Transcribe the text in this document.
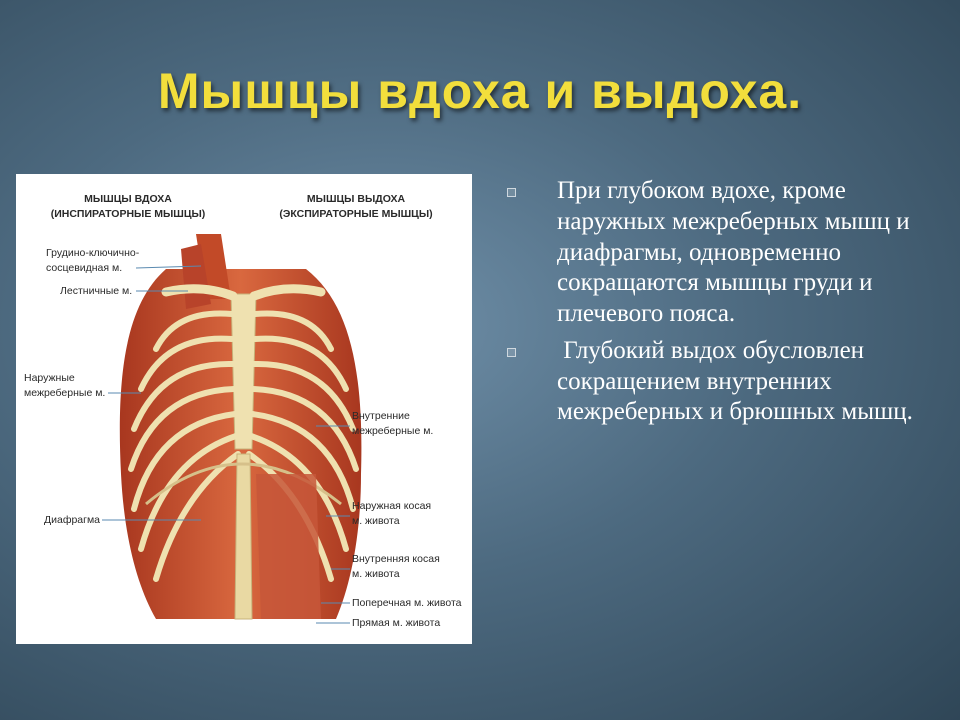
Мышцы вдоха и выдоха.
МЫШЦЫ ВДОХА
(ИНСПИРАТОРНЫЕ МЫШЦЫ)
МЫШЦЫ ВЫДОХА
(ЭКСПИРАТОРНЫЕ МЫШЦЫ)
Грудино-ключично-
сосцевидная м.
Лестничные м.
Наружные
межреберные м.
Диафрагма
Внутренние
межреберные м.
Наружная косая
м. живота
Внутренняя косая
м. живота
Поперечная м. живота
Прямая м. живота
При глубоком вдохе, кроме наружных межреберных мышц и диафрагмы, одновременно сокращаются мышцы груди и плечевого пояса.
Глубокий выдох обусловлен сокращением внутренних межреберных и брюшных мышц.
